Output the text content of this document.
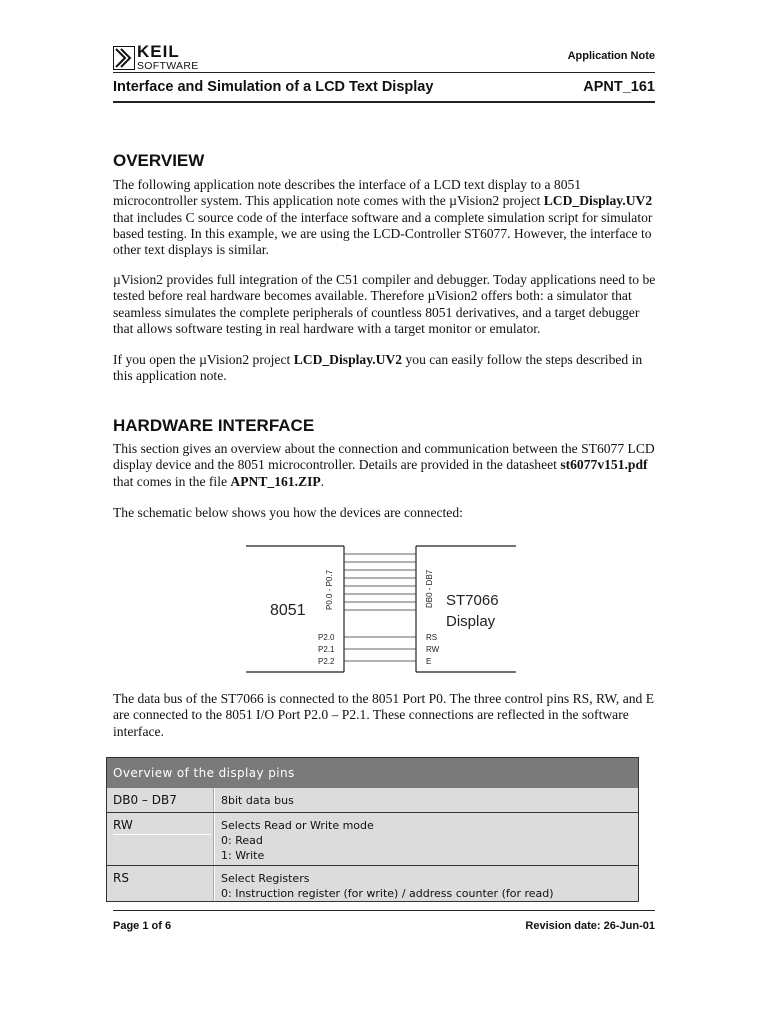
KEIL
SOFTWARE
Application Note
Interface and Simulation of a LCD Text Display	APNT_161
OVERVIEW

The following application note describes the interface of a LCD text display to a 8051 microcontroller system. This application note comes with the µVision2 project LCD_Display.UV2 that includes C source code of the interface software and a complete simulation script for simulator based testing. In this example, we are using the LCD-Controller ST6077. However, the interface to other text displays is similar.

µVision2 provides full integration of the C51 compiler and debugger. Today applications need to be tested before real hardware becomes available. Therefore µVision2 offers both: a simulator that seamless simulates the complete peripherals of countless 8051 derivatives, and a target debugger that allows software testing in real hardware with a target monitor or emulator.

If you open the µVision2 project LCD_Display.UV2 you can easily follow the steps described in this application note.

HARDWARE INTERFACE

This section gives an overview about the connection and communication between the ST6077 LCD display device and the 8051 microcontroller. Details are provided in the datasheet st6077v151.pdf that comes in the file APNT_161.ZIP.

The schematic below shows you how the devices are connected:

8051
P0.0 - P0.7
P2.0
P2.1
P2.2
DB0 - DB7 ST7066
Display
RS
RW
E

The data bus of the ST7066 is connected to the 8051 Port P0. The three control pins RS, RW, and E are connected to the 8051 I/O Port P2.0 – P2.1. These connections are reflected in the software interface.

Overview of the display pins
DB0 – DB7	8bit data bus
RW	Selects Read or Write mode
0: Read
1: Write
RS	Select Registers
0: Instruction register (for write) / address counter (for read)
Page 1 of 6	Revision date: 26-Jun-01
